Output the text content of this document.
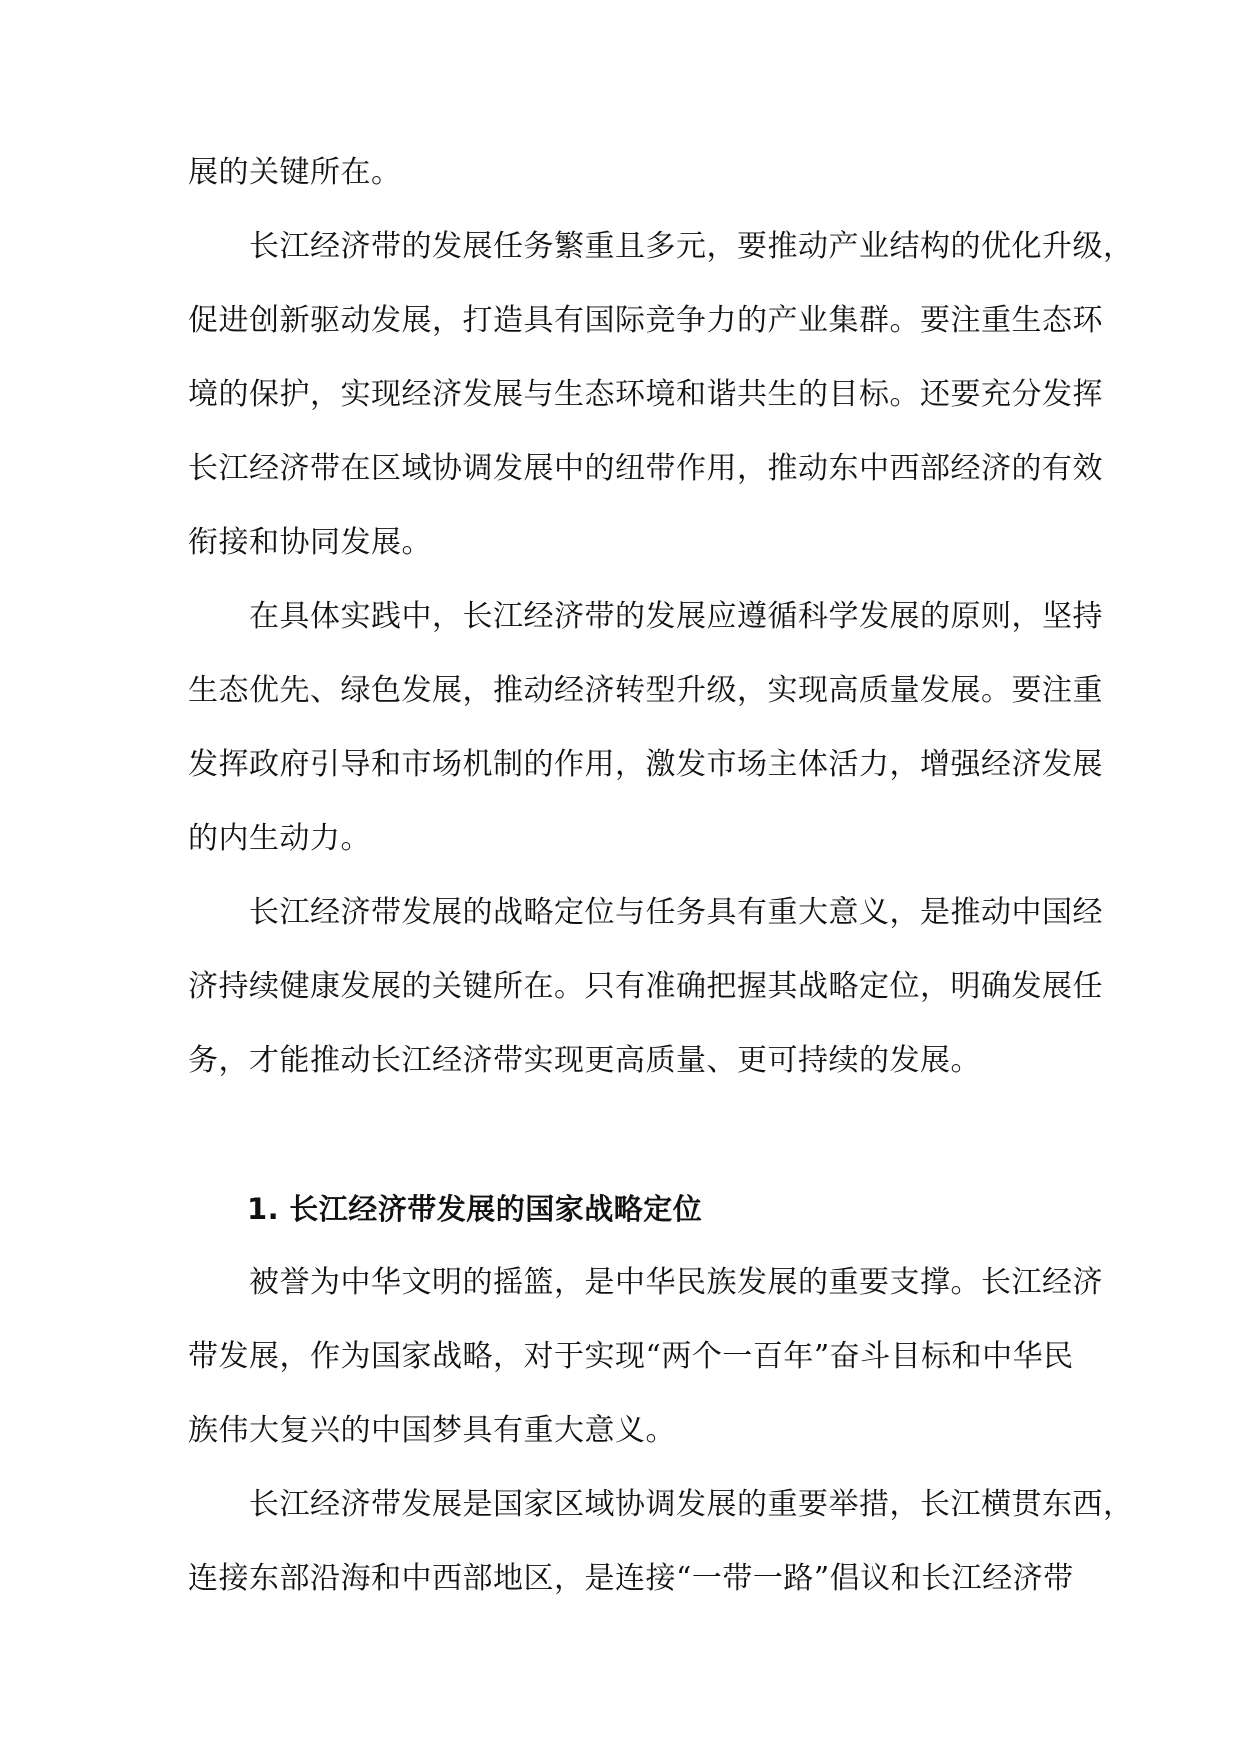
展的关键所在。
长江经济带的发展任务繁重且多元，要推动产业结构的优化升级，
促进创新驱动发展，打造具有国际竞争力的产业集群。要注重生态环
境的保护，实现经济发展与生态环境和谐共生的目标。还要充分发挥
长江经济带在区域协调发展中的纽带作用，推动东中西部经济的有效
衔接和协同发展。
在具体实践中，长江经济带的发展应遵循科学发展的原则，坚持
生态优先、绿色发展，推动经济转型升级，实现高质量发展。要注重
发挥政府引导和市场机制的作用，激发市场主体活力，增强经济发展
的内生动力。
长江经济带发展的战略定位与任务具有重大意义，是推动中国经
济持续健康发展的关键所在。只有准确把握其战略定位，明确发展任
务，才能推动长江经济带实现更高质量、更可持续的发展。
1. 长江经济带发展的国家战略定位
被誉为中华文明的摇篮，是中华民族发展的重要支撑。长江经济
带发展，作为国家战略，对于实现“两个一百年”奋斗目标和中华民
族伟大复兴的中国梦具有重大意义。
长江经济带发展是国家区域协调发展的重要举措，长江横贯东西，
连接东部沿海和中西部地区，是连接“一带一路”倡议和长江经济带
